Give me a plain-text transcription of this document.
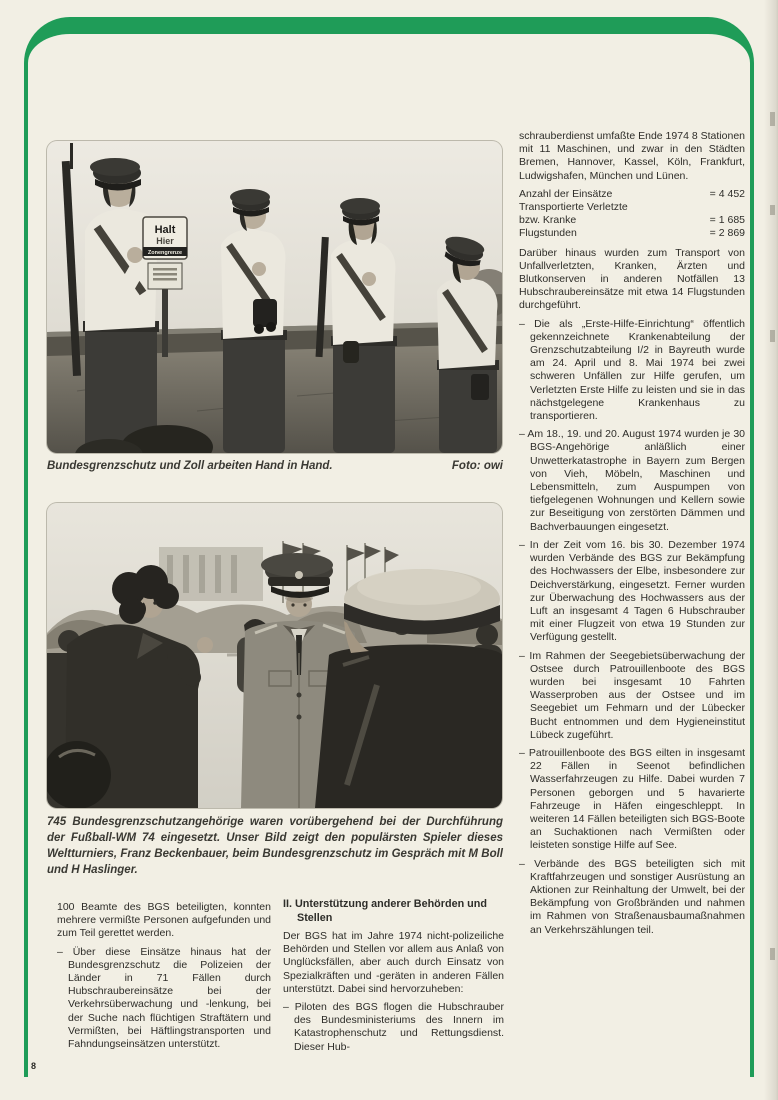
Halt
Hier
Zonengrenze
Bundesgrenzschutz und Zoll arbeiten Hand in Hand.	Foto: owi
745 Bundesgrenzschutzangehörige waren vorübergehend bei der Durchführung der Fußball-WM 74 eingesetzt. Unser Bild zeigt den populärsten Spieler dieses Weltturniers, Franz Beckenbauer, beim Bundesgrenzschutz im Gespräch mit M Boll und H Haslinger.

100 Beamte des BGS beteiligten, konnten mehrere vermißte Personen aufgefunden und zum Teil gerettet werden.

– Über diese Einsätze hinaus hat der Bundesgrenzschutz die Polizeien der Länder in 71 Fällen durch Hubschraubereinsätze bei der Verkehrsüberwachung und -lenkung, bei der Suche nach flüchtigen Straftätern und Vermißten, bei Häftlingstransporten und Fahndungseinsätzen unterstützt.

II. Unterstützung anderer Behörden und Stellen

Der BGS hat im Jahre 1974 nicht-polizeiliche Behörden und Stellen vor allem aus Anlaß von Unglücksfällen, aber auch durch Einsatz von Spezialkräften und -geräten in anderen Fällen unterstützt. Dabei sind hervorzuheben:

– Piloten des BGS flogen die Hubschrauber des Bundesministeriums des Innern im Katastrophenschutz und Rettungsdienst. Dieser Hub-

schrauberdienst umfaßte Ende 1974 8 Stationen mit 11 Maschinen, und zwar in den Städten Bremen, Hannover, Kassel, Köln, Frankfurt, Ludwigshafen, München und Lünen.

Anzahl der Einsätze	= 4 452
Transportierte Verletzte
bzw. Kranke	= 1 685
Flugstunden	= 2 869

Darüber hinaus wurden zum Transport von Unfallverletzten, Kranken, Ärzten und Blutkonserven in anderen Notfällen 13 Hubschraubereinsätze mit etwa 14 Flugstunden durchgeführt.

– Die als „Erste-Hilfe-Einrichtung“ öffentlich gekennzeichnete Krankenabteilung der Grenzschutzabteilung I/2 in Bayreuth wurde am 24. April und 8. Mai 1974 bei zwei schweren Unfällen zur Hilfe gerufen, um Verletzten Erste Hilfe zu leisten und sie in das nächstgelegene Krankenhaus zu transportieren.

– Am 18., 19. und 20. August 1974 wurden je 30 BGS-Angehörige anläßlich einer Unwetterkatastrophe in Bayern zum Bergen von Vieh, Möbeln, Maschinen und Lebensmitteln, zum Auspumpen von tiefgelegenen Wohnungen und Kellern sowie zur Beseitigung von zerstörten Dämmen und Bachverbauungen eingesetzt.

– In der Zeit vom 16. bis 30. Dezember 1974 wurden Verbände des BGS zur Bekämpfung des Hochwassers der Elbe, insbesondere zur Deichverstärkung, eingesetzt. Ferner wurden zur Überwachung des Hochwassers aus der Luft an insgesamt 4 Tagen 6 Hubschrauber mit einer Flugzeit von etwa 19 Stunden zur Verfügung gestellt.

– Im Rahmen der Seegebietsüberwachung der Ostsee durch Patrouillenboote des BGS wurden bei insgesamt 10 Fahrten Wasserproben aus der Ostsee und im Seegebiet um Fehmarn und der Lübecker Bucht entnommen und dem Hygieneinstitut Lübeck zugeführt.

– Patrouillenboote des BGS eilten in insgesamt 22 Fällen in Seenot befindlichen Wasserfahrzeugen zu Hilfe. Dabei wurden 7 Personen geborgen und 5 havarierte Fahrzeuge in Häfen eingeschleppt. In weiteren 14 Fällen beteiligten sich BGS-Boote an Suchaktionen nach Vermißten oder leisteten sonstige Hilfe auf See.

– Verbände des BGS beteiligten sich mit Kraftfahrzeugen und sonstiger Ausrüstung an Aktionen zur Reinhaltung der Umwelt, bei der Bekämpfung von Großbränden und nahmen im Rahmen von Straßenausbaumaßnahmen an Verkehrszählungen teil.

8
